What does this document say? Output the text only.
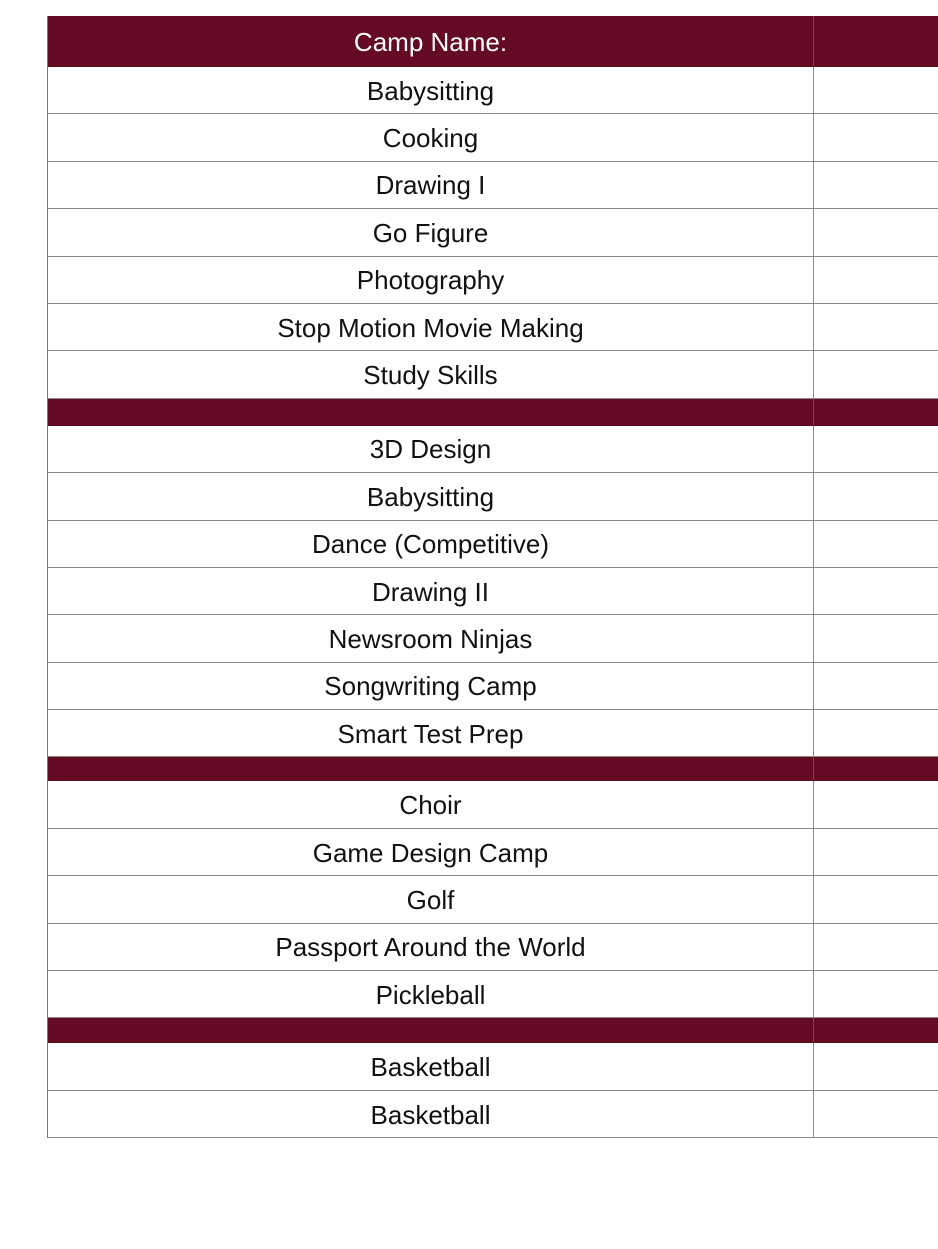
Camp Name:
Babysitting
Cooking
Drawing I
Go Figure
Photography
Stop Motion Movie Making
Study Skills
3D Design
Babysitting
Dance (Competitive)
Drawing II
Newsroom Ninjas
Songwriting Camp
Smart Test Prep
Choir
Game Design Camp
Golf
Passport Around the World
Pickleball
Basketball
Basketball
